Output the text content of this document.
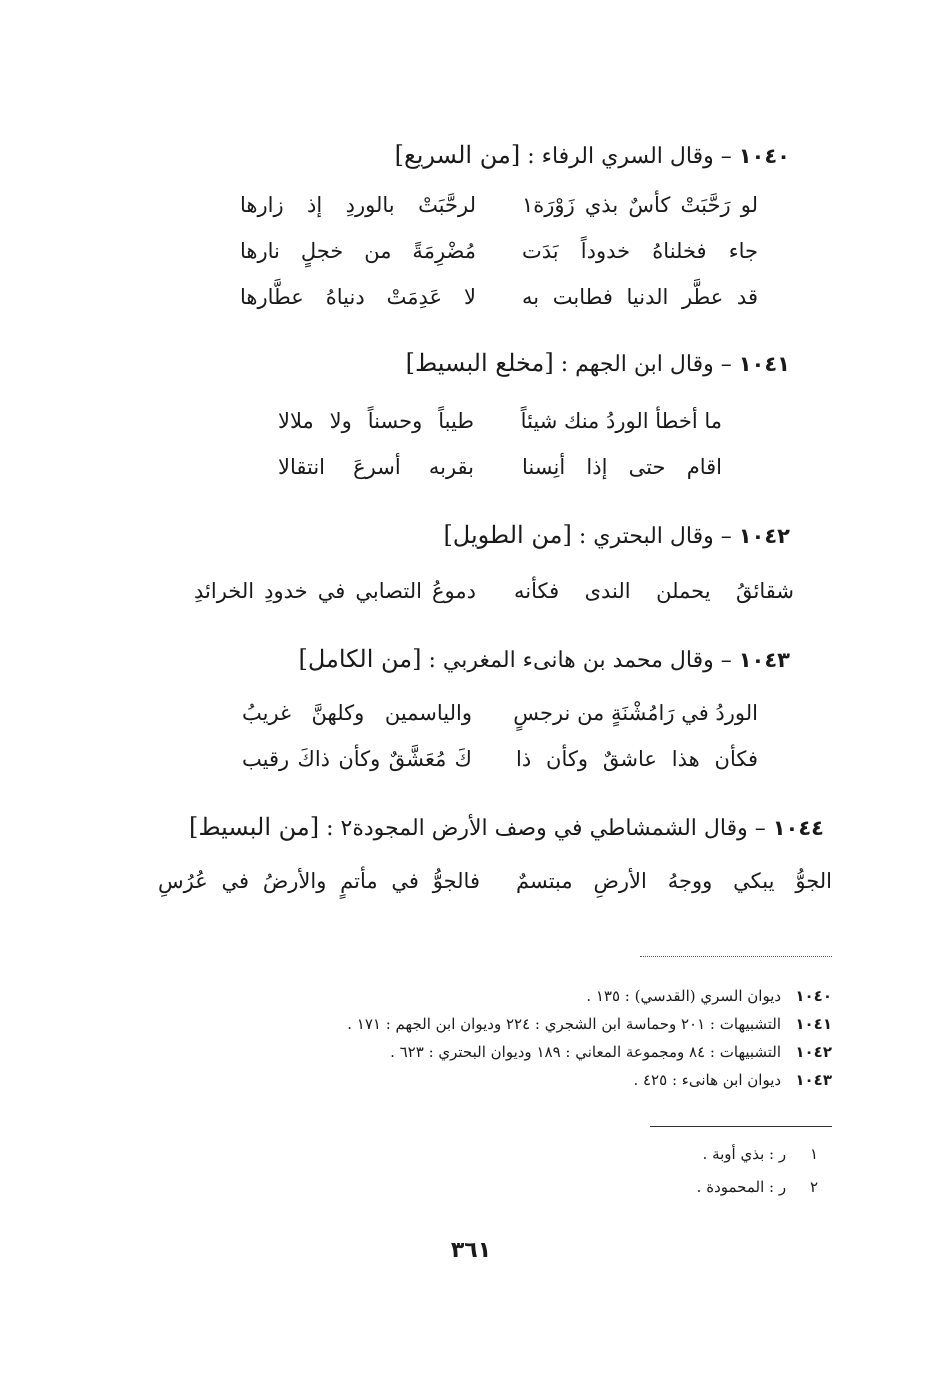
١٠٤٠ – وقال السري الرفاء : [من السريع]
لو رَحَّبَتْ كأسٌ بذي زَوْرَة١
لرحَّبَتْ بالوردِ إذ زارها
جاء فخلناهُ خدوداً بَدَت
مُضْرِمَةً من خجلٍ نارها
قد عطَّر الدنيا فطابت به
لا عَدِمَتْ دنياهُ عطَّارها
١٠٤١ – وقال ابن الجهم : [مخلع البسيط]
ما أخطأ الوردُ منك شيئاً
طيباً وحسناً ولا ملالا
اقام حتى إذا أنِسنا
بقربه أسرعَ انتقالا
١٠٤٢ – وقال البحتري : [من الطويل]
شقائقُ يحملن الندى فكأنه
دموعُ التصابي في خدودِ الخرائدِ
١٠٤٣ – وقال محمد بن هانىء المغربي : [من الكامل]
الوردُ في رَامُشْنَةٍ من نرجسٍ
والياسمين وكلهنَّ غريبُ
فكأن هذا عاشقٌ وكأن ذا
كَ مُعَشَّقٌ وكأن ذاكَ رقيب
١٠٤٤ – وقال الشمشاطي في وصف الأرض المجودة٢ : [من البسيط]
الجوُّ يبكي ووجهُ الأرضِ مبتسمٌ
فالجوُّ في مأتمٍ والأرضُ في عُرُسِ
١٠٤٠   ديوان السري (القدسي) : ١٣٥ .
١٠٤١   التشبيهات : ٢٠١ وحماسة ابن الشجري : ٢٢٤ وديوان ابن الجهم : ١٧١ .
١٠٤٢   التشبيهات : ٨٤ ومجموعة المعاني : ١٨٩ وديوان البحتري : ٦٢٣ .
١٠٤٣   ديوان ابن هانىء : ٤٢٥ .
١     ر : بذي أوبة .
٢     ر : المحمودة .
٣٦١
